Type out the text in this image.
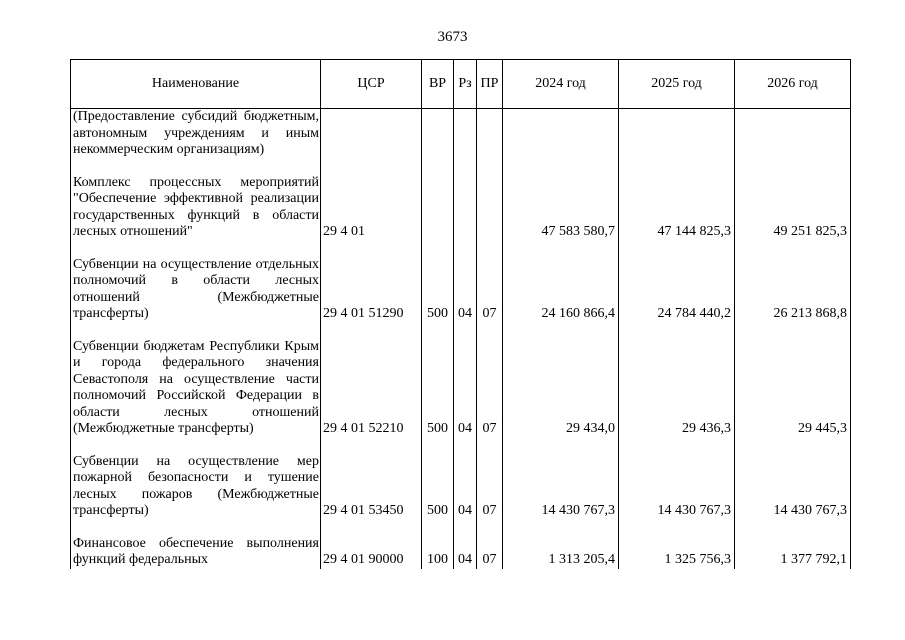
3673
Наименование	ЦСР	ВР	Рз	ПР	2024 год	2025 год	2026 год
(Предоставление субсидий бюджетным, автономным учреждениям и иным некоммерческим организациям)							

Комплекс процессных мероприятий "Обеспечение эффективной реализации государственных функций в области лесных отношений"	29 4 01				47 583 580,7	47 144 825,3	49 251 825,3

Субвенции на осуществление отдельных полномочий в области лесных отношений (Межбюджетные трансферты)	29 4 01 51290	500	04	07	24 160 866,4	24 784 440,2	26 213 868,8

Субвенции бюджетам Республики Крым и города федерального значения Севастополя на осуществление части полномочий Российской Федерации в области лесных отношений (Межбюджетные трансферты)	29 4 01 52210	500	04	07	29 434,0	29 436,3	29 445,3

Субвенции на осуществление мер пожарной безопасности и тушение лесных пожаров (Межбюджетные трансферты)	29 4 01 53450	500	04	07	14 430 767,3	14 430 767,3	14 430 767,3

Финансовое обеспечение выполнения функций федеральных	29 4 01 90000	100	04	07	1 313 205,4	1 325 756,3	1 377 792,1
